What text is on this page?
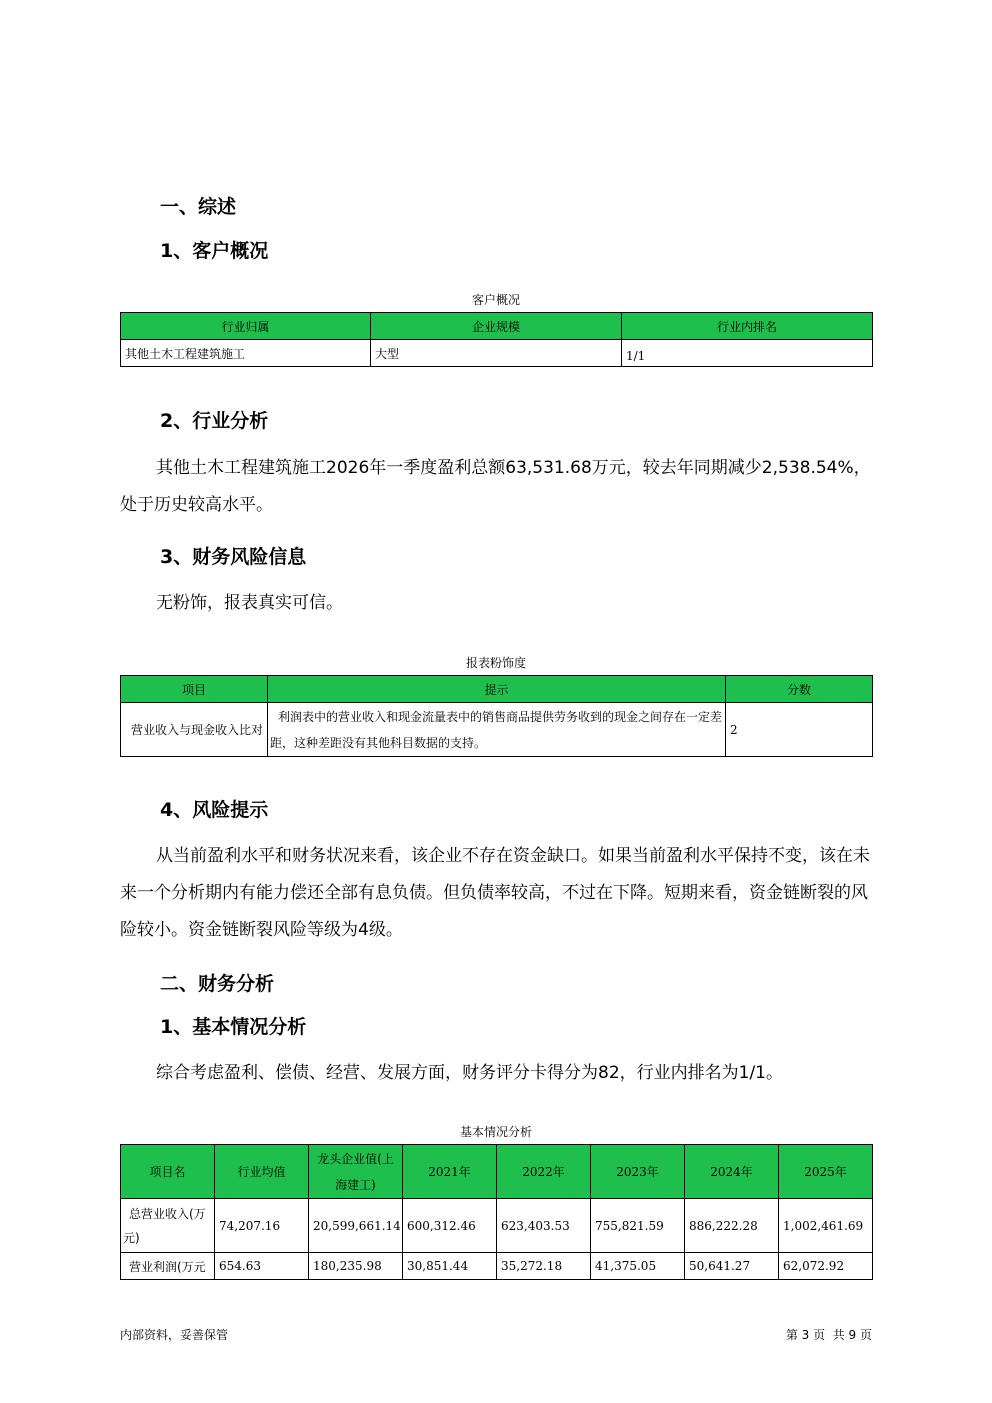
一、综述
1、客户概况
客户概况
行业归属	企业规模	行业内排名
其他土木工程建筑施工	大型	1/1
2、行业分析
其他土木工程建筑施工2026年一季度盈利总额63,531.68万元，较去年同期减少2,538.54%，处于历史较高水平。
3、财务风险信息
无粉饰，报表真实可信。
报表粉饰度
项目	提示	分数
营业收入与现金收入比对	利润表中的营业收入和现金流量表中的销售商品提供劳务收到的现金之间存在一定差距，这种差距没有其他科目数据的支持。	2
4、风险提示
从当前盈利水平和财务状况来看，该企业不存在资金缺口。如果当前盈利水平保持不变，该在未来一个分析期内有能力偿还全部有息负债。但负债率较高，不过在下降。短期来看，资金链断裂的风险较小。资金链断裂风险等级为4级。
二、财务分析
1、基本情况分析
综合考虑盈利、偿债、经营、发展方面，财务评分卡得分为82，行业内排名为1/1。
基本情况分析
项目名	行业均值	龙头企业值(上海建工)	2021年	2022年	2023年	2024年	2025年
总营业收入(万元)	74,207.16	20,599,661.14	600,312.46	623,403.53	755,821.59	886,222.28	1,002,461.69
营业利润(万元	654.63	180,235.98	30,851.44	35,272.18	41,375.05	50,641.27	62,072.92
内部资料，妥善保管	第 3 页  共 9 页
